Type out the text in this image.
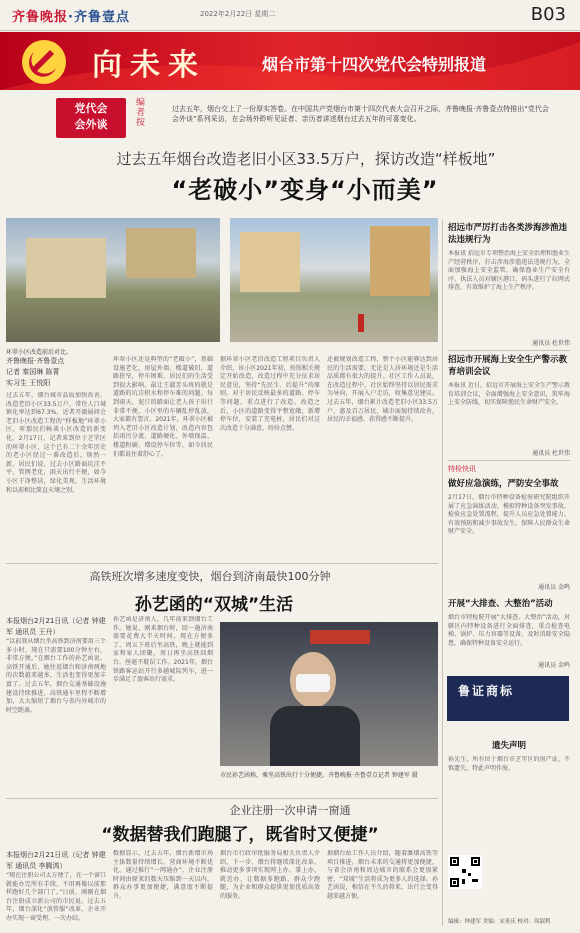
齐鲁晚报·齐鲁壹点	2022年2月22日 星期二	B03
向未来	烟台市第十四次党代会特别报道
党代会
会外谈
编者按
过去五年，烟台交上了一份厚实答卷。在中国共产党烟台市第十四次代表大会召开之际，齐鲁晚报·齐鲁壹点特推出“党代会会外谈”系列采访，在会场外聆听见证者、亲历者讲述烟台过去五年的可喜变化。
过去五年烟台改造老旧小区33.5万户，探访改造“样板地”
“老破小”变身“小而美”
环翠小区改造前后对比。
齐鲁晚报·齐鲁壹点
记者 秦国琳 陈菁
实习生 王悦阳
过去五年，烟台城市品质加快改善，改造老旧小区33.5万户，常住人口城镇化率达到67.3%。近者开副展问会老旧小区改造工程的“样板地”环翠小区，听那民们畅谈小区改造的新变化。2月17日，记者来到位于芝罘区的环翠小区，这个已有二十余年历史的老小区经过一番改造后，焕然一新。居民们说，过去小区路面坑洼不平，管网老化，雨天出行不便，如今小区干净整洁，绿化美观，生活环境和以前相比简直天壤之别。
环翠小区还是典型的“老破小”，基础设施老化，房屋外墙、楼道破旧，道路狭窄，停车困难，居民们的生活受到很大影响。最让王淑芳头疼的就是道路的坑洼积水和停车难的问题。每到雨天，泥泞的路面让老人孩子出行非常不便，小区里的车辆乱停乱放，大家都有怨言。2021年，环翠小区被列入老旧小区改造计划，改造内容包括雨污分流、道路硬化、外墙保温、楼道粉刷、增设停车位等，如今居民们都说住着舒心了。
据环翠小区老旧改造工程项目负责人介绍，该小区2021年初，按照相关规定开始改造，改造过程中充分征求居民意见，坚持“先民生、后提升”的原则。对于居民反映最多的道路、停车等问题，重点进行了改造。改造之后，小区的道路变得平整宽敞，新增停车位，安装了充电桩，居民们对这次改造十分满意，纷纷点赞。
还被规划改造工程，整个小区能够达到居民的生活需要，无论是人居环境还是生活品质都有很大的提升。社区工作人员说，在改造过程中，社区始终坚持以居民需求为导向，开展入户走访，收集意见建议。过去五年，烟台累计改造老旧小区33.5万户，惠及百万居民，城市面貌持续改善，居民的幸福感、获得感不断提升。
高铁班次增多速度变快，烟台到济南最快100分钟
孙艺函的“双城”生活
本报烟台2月21日讯（记者 钟建军 通讯员 王丹）
“以前我从烟台坐高铁到济南要用三个多小时，现在只需要100分钟左右，非常方便。”在烟台工作的孙艺函说。高铁开通后，她往返烟台和济南两地的次数越来越多，生活也变得更加丰富了。过去五年，烟台交通基础设施建设持续推进，高铁通车里程不断增加，大大缩短了烟台与省内外城市的时空距离。
孙艺函是济南人，几年前来到烟台工作。她说，刚来烟台时，回一趟济南需要花费大半天时间，现在方便多了。周五下班后坐高铁，晚上就能到家和家人团聚，周日再坐高铁回烟台，丝毫不耽误工作。2021年，烟台铁路客运站开行多趟城际列车，进一步满足了旅客出行需求。
市民孙艺函称，乘坐高铁出行十分便捷。齐鲁晚报·齐鲁壹点记者 钟建军 摄
企业注册一次申请一窗通
“数据替我们跑腿了，既省时又便捷”
本报烟台2月21日讯（记者 钟建军 通讯员 李腾鸿）
“现在注册公司太方便了，在一个窗口就能办完所有手续，不用再像以前那样跑好几个部门了。”日前，刚刚在烟台注册成立新公司的市民说。过去五年，烟台深化“放管服”改革，企业开办实现一窗受理、一次办结。
数据显示，过去五年，烟台新增市场主体数量持续增长，营商环境不断优化。通过推行“一网通办”，企业注册时间由原来的数天压缩到一天以内，群众办事更加便捷，满意度不断提升。
烟台市行政审批服务局相关负责人介绍，下一步，烟台将继续深化改革，推动更多事项实现网上办、掌上办、就近办，让数据多跑路，群众少跑腿，为企业和群众提供更加优质高效的服务。
据烟台站工作人员介绍，随着潍烟高铁等项目推进，烟台未来的交通将更加便捷，与省会济南和周边城市的联系会更加紧密，“双城”生活将成为更多人的选择。孙艺函说，相信在不久的将来，出行会变得越来越方便。
招远市严厉打击各类涉海涉渔违法违规行为
本报讯 招远市专项整治海上安全治理和渔业生产经营秩序，打击涉海涉渔违法违规行为，全面加强海上安全监管，确保渔业生产安全有序。执法人员对辖区港口、码头进行了拉网式排查，有效维护了海上生产秩序。
通讯员 杜世伟
招远市开展海上安全生产警示教育培训会议
本报讯 近日，招远市开展海上安全生产警示教育培训会议，全面增强海上安全意识，筑牢海上安全防线，切实保障渔民生命财产安全。
通讯员 杜世伟
特检快讯
做好应急演练，严防安全事故
2月17日，烟台市特种设备检验研究院组织开展了应急演练活动，模拟特种设备突发事故，检验应急处置流程，提升人员应急处置能力，有效预防和减少事故发生，保障人民群众生命财产安全。
通讯员 金鸣
开展“大排查、大整治”活动
烟台市特检院开展“大排查、大整治”活动，对辖区内特种设备进行全面排查，重点检查电梯、锅炉、压力容器等设备，及时消除安全隐患，确保特种设备安全运行。
通讯员 金鸣
鲁证商标
遗失声明
孙先生，所有位于烟台市芝罘区的房产证，不慎遗失，特此声明作废。
编辑：钟建军 美编：宋善庆 校对：周淑利
